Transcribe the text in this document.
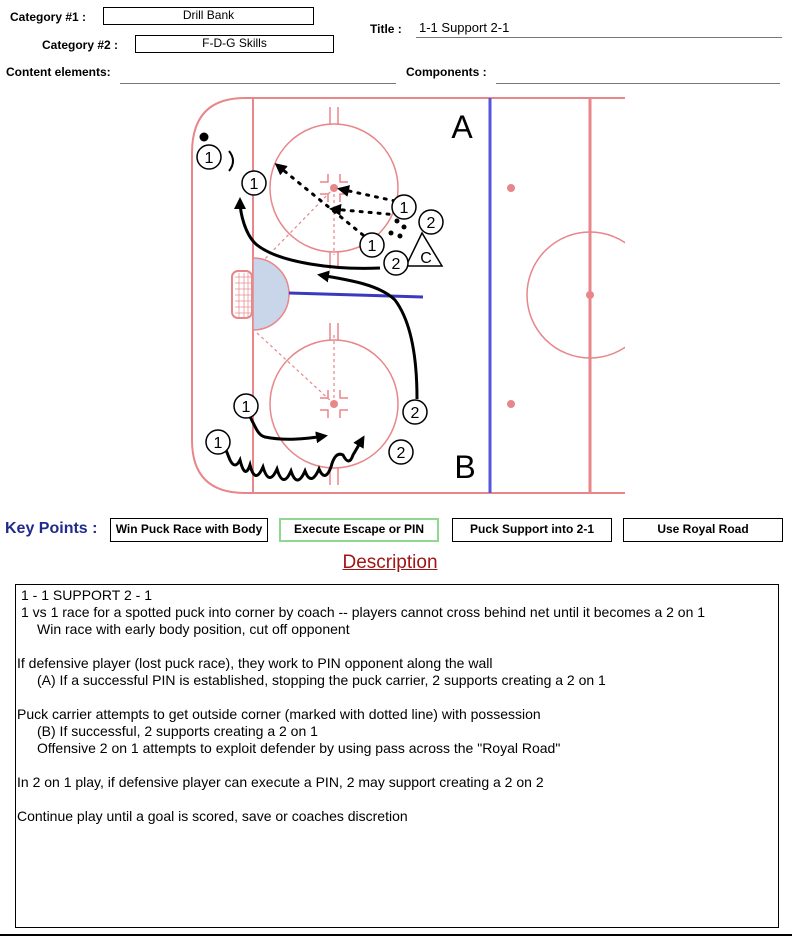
Category #1 :	Drill Bank
Category #2 :	F-D-G Skills
Title : 1-1 Support 2-1
Content elements:	Components :
A
B
C
1
1
1
2
1
2
2
1
1
2
Key Points :	Win Puck Race with Body	Execute Escape or PIN	Puck Support into 2-1	Use Royal Road
Description
1 - 1 SUPPORT 2 - 1
1 vs 1 race for a spotted puck into corner by coach -- players cannot cross behind net until it becomes a 2 on 1
Win race with early body position, cut off opponent
If defensive player (lost puck race), they work to PIN opponent along the wall
(A) If a successful PIN is established, stopping the puck carrier, 2 supports creating a 2 on 1
Puck carrier attempts to get outside corner (marked with dotted line) with possession
(B) If successful, 2 supports creating a 2 on 1
Offensive 2 on 1 attempts to exploit defender by using pass across the "Royal Road"
In 2 on 1 play, if defensive player can execute a PIN, 2 may support creating a 2 on 2
Continue play until a goal is scored, save or coaches discretion
